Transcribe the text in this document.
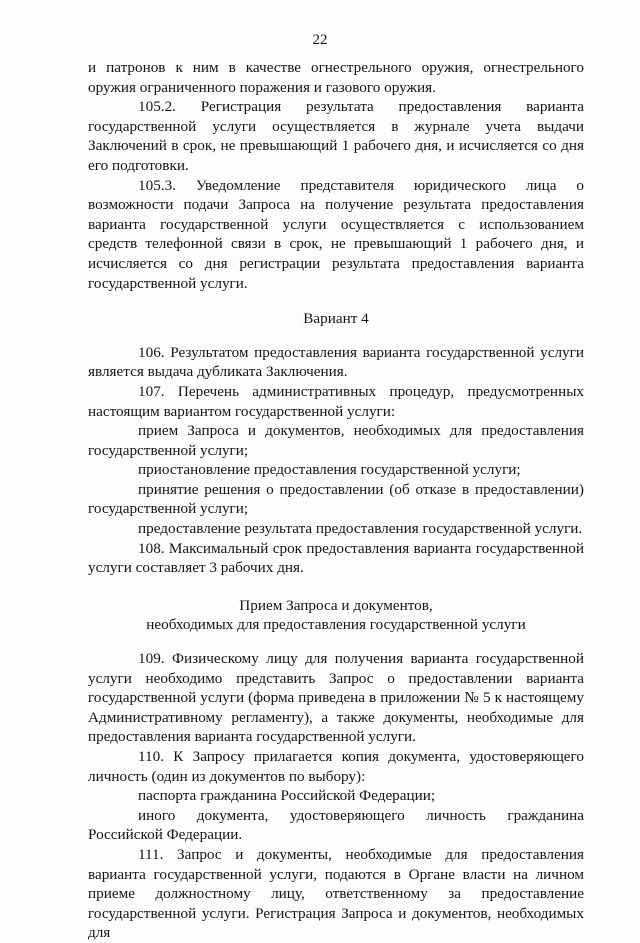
22

и патронов к ним в качестве огнестрельного оружия, огнестрельного оружия ограниченного поражения и газового оружия.

105.2. Регистрация результата предоставления варианта государственной услуги осуществляется в журнале учета выдачи Заключений в срок, не превышающий 1 рабочего дня, и исчисляется со дня его подготовки.

105.3. Уведомление представителя юридического лица о возможности подачи Запроса на получение результата предоставления варианта государственной услуги осуществляется с использованием средств телефонной связи в срок, не превышающий 1 рабочего дня, и исчисляется со дня регистрации результата предоставления варианта государственной услуги.

Вариант 4

106. Результатом предоставления варианта государственной услуги является выдача дубликата Заключения.

107. Перечень административных процедур, предусмотренных настоящим вариантом государственной услуги:

прием Запроса и документов, необходимых для предоставления государственной услуги;

приостановление предоставления государственной услуги;

принятие решения о предоставлении (об отказе в предоставлении) государственной услуги;

предоставление результата предоставления государственной услуги.

108. Максимальный срок предоставления варианта государственной услуги составляет 3 рабочих дня.

Прием Запроса и документов,

необходимых для предоставления государственной услуги

109. Физическому лицу для получения варианта государственной услуги необходимо представить Запрос о предоставлении варианта государственной услуги (форма приведена в приложении № 5 к настоящему Административному регламенту), а также документы, необходимые для предоставления варианта государственной услуги.

110. К Запросу прилагается копия документа, удостоверяющего личность (один из документов по выбору):

паспорта гражданина Российской Федерации;

иного документа, удостоверяющего личность гражданина Российской Федерации.

111. Запрос и документы, необходимые для предоставления варианта государственной услуги, подаются в Органе власти на личном приеме должностному лицу, ответственному за предоставление государственной услуги. Регистрация Запроса и документов, необходимых для
